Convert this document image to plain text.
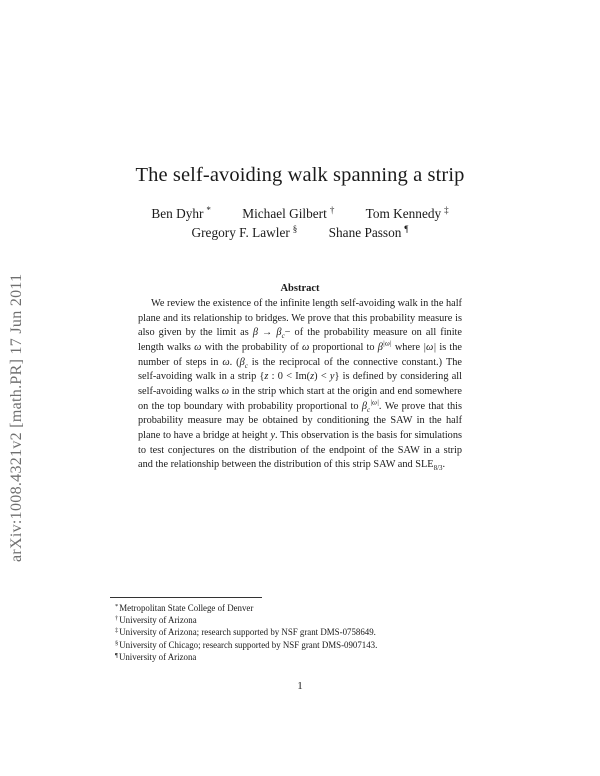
arXiv:1008.4321v2 [math.PR] 17 Jun 2011
The self-avoiding walk spanning a strip
Ben Dyhr * Michael Gilbert † Tom Kennedy ‡
Gregory F. Lawler § Shane Passon ¶
Abstract

We review the existence of the infinite length self-avoiding walk in the half plane and its relationship to bridges. We prove that this probability measure is also given by the limit as $\beta \to \beta_c-$ of the probability measure on all finite length walks ω with the probability of ω proportional to $\beta^{|\omega|}$ where |ω| is the number of steps in ω. ($\beta_c$ is the reciprocal of the connective constant.) The self-avoiding walk in a strip {z : 0 < Im(z) < y} is defined by considering all self-avoiding walks ω in the strip which start at the origin and end somewhere on the top boundary with probability proportional to $\beta_c^{|\omega|}$. We prove that this probability measure may be obtained by conditioning the SAW in the half plane to have a bridge at height y. This observation is the basis for simulations to test conjectures on the distribution of the endpoint of the SAW in a strip and the relationship between the distribution of this strip SAW and $SLE_{8/3}$.

*Metropolitan State College of Denver
†University of Arizona
‡University of Arizona; research supported by NSF grant DMS-0758649.
§University of Chicago; research supported by NSF grant DMS-0907143.
¶University of Arizona
1
